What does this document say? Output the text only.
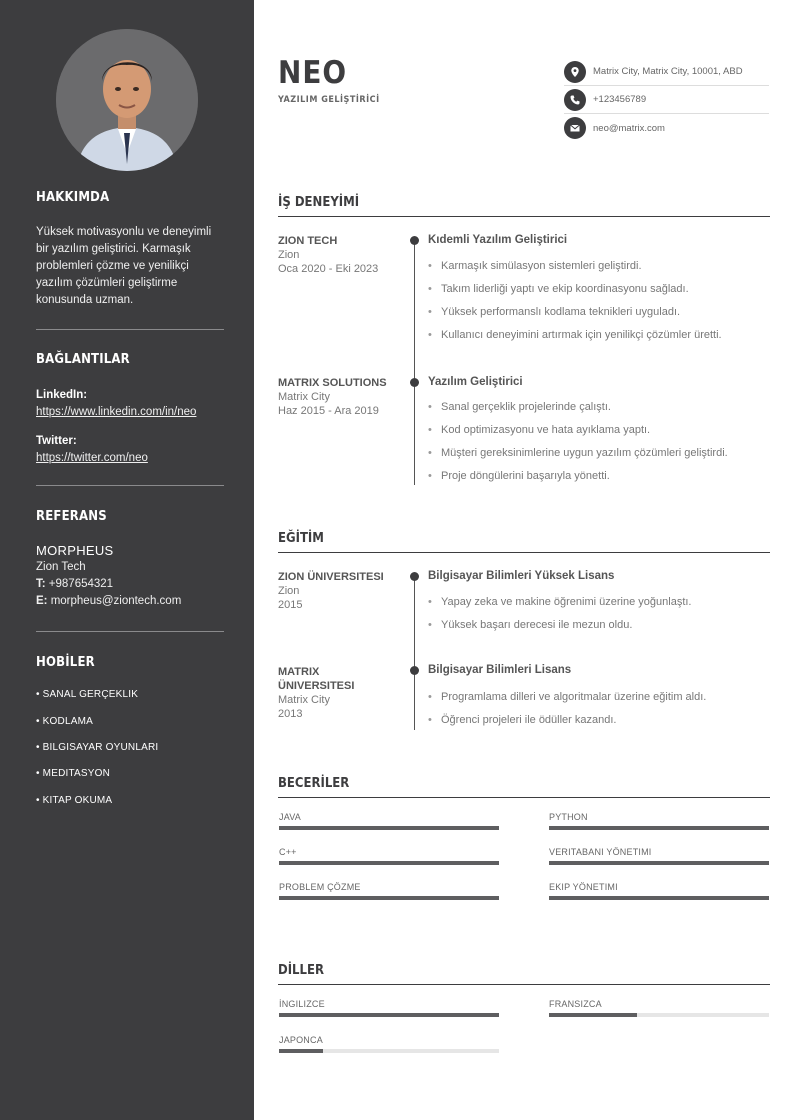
HAKKIMDA
Yüksek motivasyonlu ve deneyimli bir yazılım geliştirici. Karmaşık problemleri çözme ve yenilikçi yazılım çözümleri geliştirme konusunda uzman.
BAĞLANTILAR
LinkedIn:
https://www.linkedin.com/in/neo
Twitter:
https://twitter.com/neo
REFERANS
MORPHEUS
Zion Tech
T: +987654321
E: morpheus@ziontech.com
HOBİLER
• SANAL GERÇEKLIK
• KODLAMA
• BILGISAYAR OYUNLARI
• MEDITASYON
• KITAP OKUMA
NEO
YAZILIM GELİŞTİRİCİ
Matrix City, Matrix City, 10001, ABD
+123456789
neo@matrix.com
İŞ DENEYİMİ
ZION TECH
Zion
Oca 2020 - Eki 2023
Kıdemli Yazılım Geliştirici
• Karmaşık simülasyon sistemleri geliştirdi.
• Takım liderliği yaptı ve ekip koordinasyonu sağladı.
• Yüksek performanslı kodlama teknikleri uyguladı.
• Kullanıcı deneyimini artırmak için yenilikçi çözümler üretti.
MATRIX SOLUTIONS
Matrix City
Haz 2015 - Ara 2019
Yazılım Geliştirici
• Sanal gerçeklik projelerinde çalıştı.
• Kod optimizasyonu ve hata ayıklama yaptı.
• Müşteri gereksinimlerine uygun yazılım çözümleri geliştirdi.
• Proje döngülerini başarıyla yönetti.
EĞİTİM
ZION ÜNIVERSITESI
Zion
2015
Bilgisayar Bilimleri Yüksek Lisans
• Yapay zeka ve makine öğrenimi üzerine yoğunlaştı.
• Yüksek başarı derecesi ile mezun oldu.
MATRIX ÜNIVERSITESI
Matrix City
2013
Bilgisayar Bilimleri Lisans
• Programlama dilleri ve algoritmalar üzerine eğitim aldı.
• Öğrenci projeleri ile ödüller kazandı.
BECERİLER
JAVA	PYTHON
C++	VERITABANI YÖNETIMI
PROBLEM ÇÖZME	EKIP YÖNETIMI
DİLLER
İNGILIZCE	FRANSIZCA
JAPONCA
